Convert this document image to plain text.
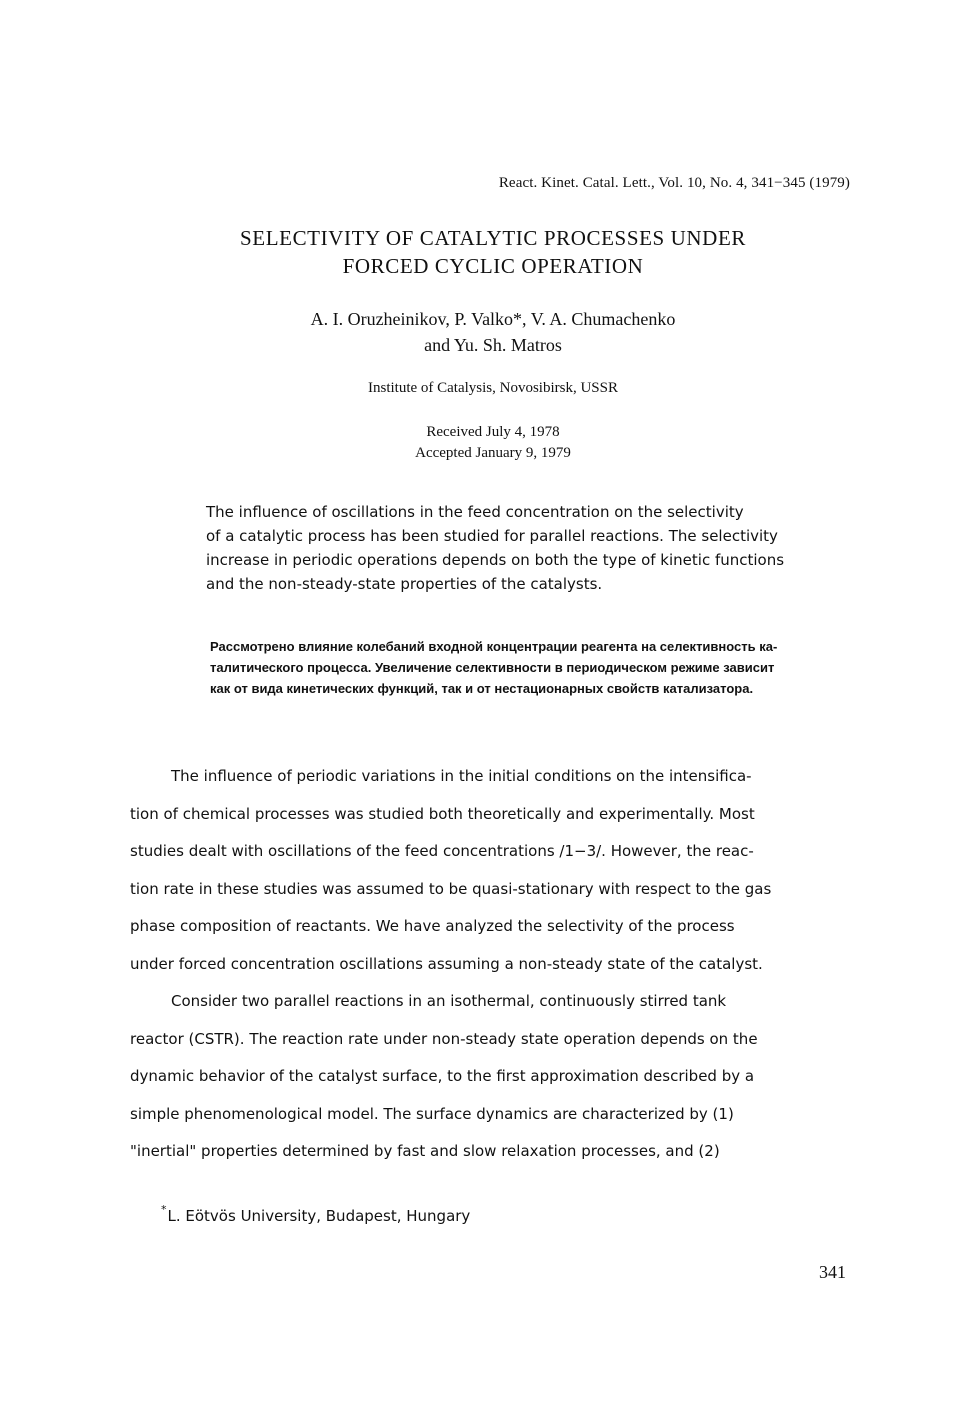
React. Kinet. Catal. Lett., Vol. 10, No. 4, 341−345 (1979)
SELECTIVITY OF CATALYTIC PROCESSES UNDER
FORCED CYCLIC OPERATION
A. I. Oruzheinikov, P. Valko*, V. A. Chumachenko
and Yu. Sh. Matros
Institute of Catalysis, Novosibirsk, USSR
Received July 4, 1978
Accepted January 9, 1979
The influence of oscillations in the feed concentration on the selectivity
of a catalytic process has been studied for parallel reactions. The selectivity
increase in periodic operations depends on both the type of kinetic functions
and the non-steady-state properties of the catalysts.
Рассмотрено влияние колебаний входной концентрации реагента на селективность ка-
талитического процесса. Увеличение селективности в периодическом режиме зависит
как от вида кинетических функций, так и от нестационарных свойств катализатора.
The influence of periodic variations in the initial conditions on the intensifica-
tion of chemical processes was studied both theoretically and experimentally. Most
studies dealt with oscillations of the feed concentrations /1−3/. However, the reac-
tion rate in these studies was assumed to be quasi-stationary with respect to the gas
phase composition of reactants. We have analyzed the selectivity of the process
under forced concentration oscillations assuming a non-steady state of the catalyst.
Consider two parallel reactions in an isothermal, continuously stirred tank
reactor (CSTR). The reaction rate under non-steady state operation depends on the
dynamic behavior of the catalyst surface, to the first approximation described by a
simple phenomenological model. The surface dynamics are characterized by (1)
"inertial" properties determined by fast and slow relaxation processes, and (2)
*L. Eötvös University, Budapest, Hungary
341
